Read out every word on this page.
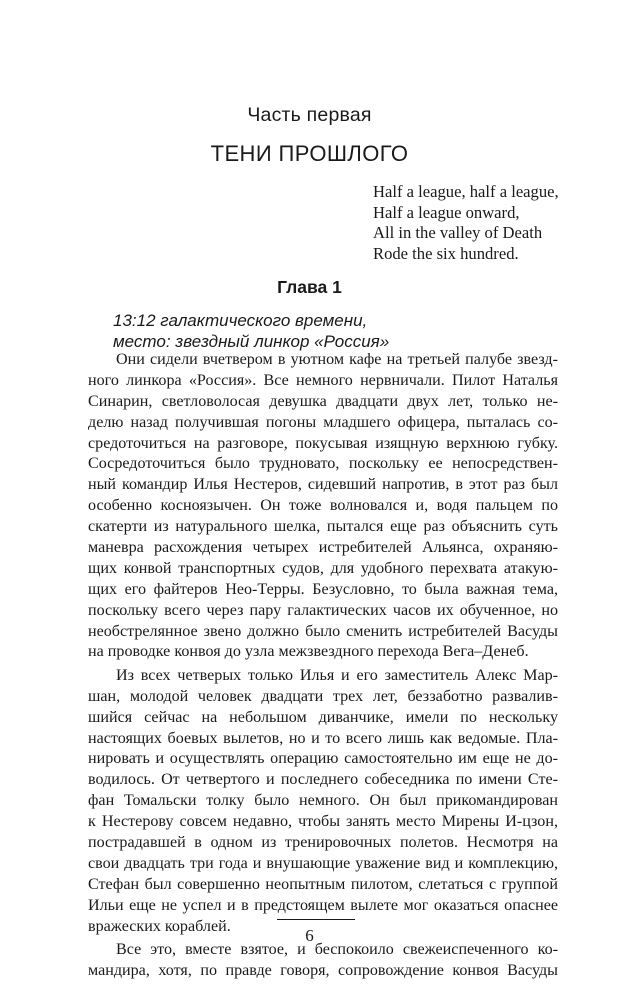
Часть первая
ТЕНИ ПРОШЛОГО
Half a league, half a league,
Half a league onward,
All in the valley of Death
Rode the six hundred.
Глава 1
13:12 галактического времени,
место: звездный линкор «Россия»
Они сидели вчетвером в уютном кафе на третьей палубе звезд-
ного линкора «Россия». Все немного нервничали. Пилот Наталья
Синарин, светловолосая девушка двадцати двух лет, только не-
делю назад получившая погоны младшего офицера, пыталась со-
средоточиться на разговоре, покусывая изящную верхнюю губку.
Сосредоточиться было трудновато, поскольку ее непосредствен-
ный командир Илья Нестеров, сидевший напротив, в этот раз был
особенно косноязычен. Он тоже волновался и, водя пальцем по
скатерти из натурального шелка, пытался еще раз объяснить суть
маневра расхождения четырех истребителей Альянса, охраняю-
щих конвой транспортных судов, для удобного перехвата атакую-
щих его файтеров Нео-Терры. Безусловно, то была важная тема,
поскольку всего через пару галактических часов их обученное, но
необстрелянное звено должно было сменить истребителей Васуды
на проводке конвоя до узла межзвездного перехода Вега–Денеб.
Из всех четверых только Илья и его заместитель Алекс Мар-
шан, молодой человек двадцати трех лет, беззаботно развалив-
шийся сейчас на небольшом диванчике, имели по нескольку
настоящих боевых вылетов, но и то всего лишь как ведомые. Пла-
нировать и осуществлять операцию самостоятельно им еще не до-
водилось. От четвертого и последнего собеседника по имени Сте-
фан Томальски толку было немного. Он был прикомандирован
к Нестерову совсем недавно, чтобы занять место Мирены И-цзон,
пострадавшей в одном из тренировочных полетов. Несмотря на
свои двадцать три года и внушающие уважение вид и комплекцию,
Стефан был совершенно неопытным пилотом, слетаться с группой
Ильи еще не успел и в предстоящем вылете мог оказаться опаснее
вражеских кораблей.
Все это, вместе взятое, и беспокоило свежеиспеченного ко-
мандира, хотя, по правде говоря, сопровождение конвоя Васуды
6
